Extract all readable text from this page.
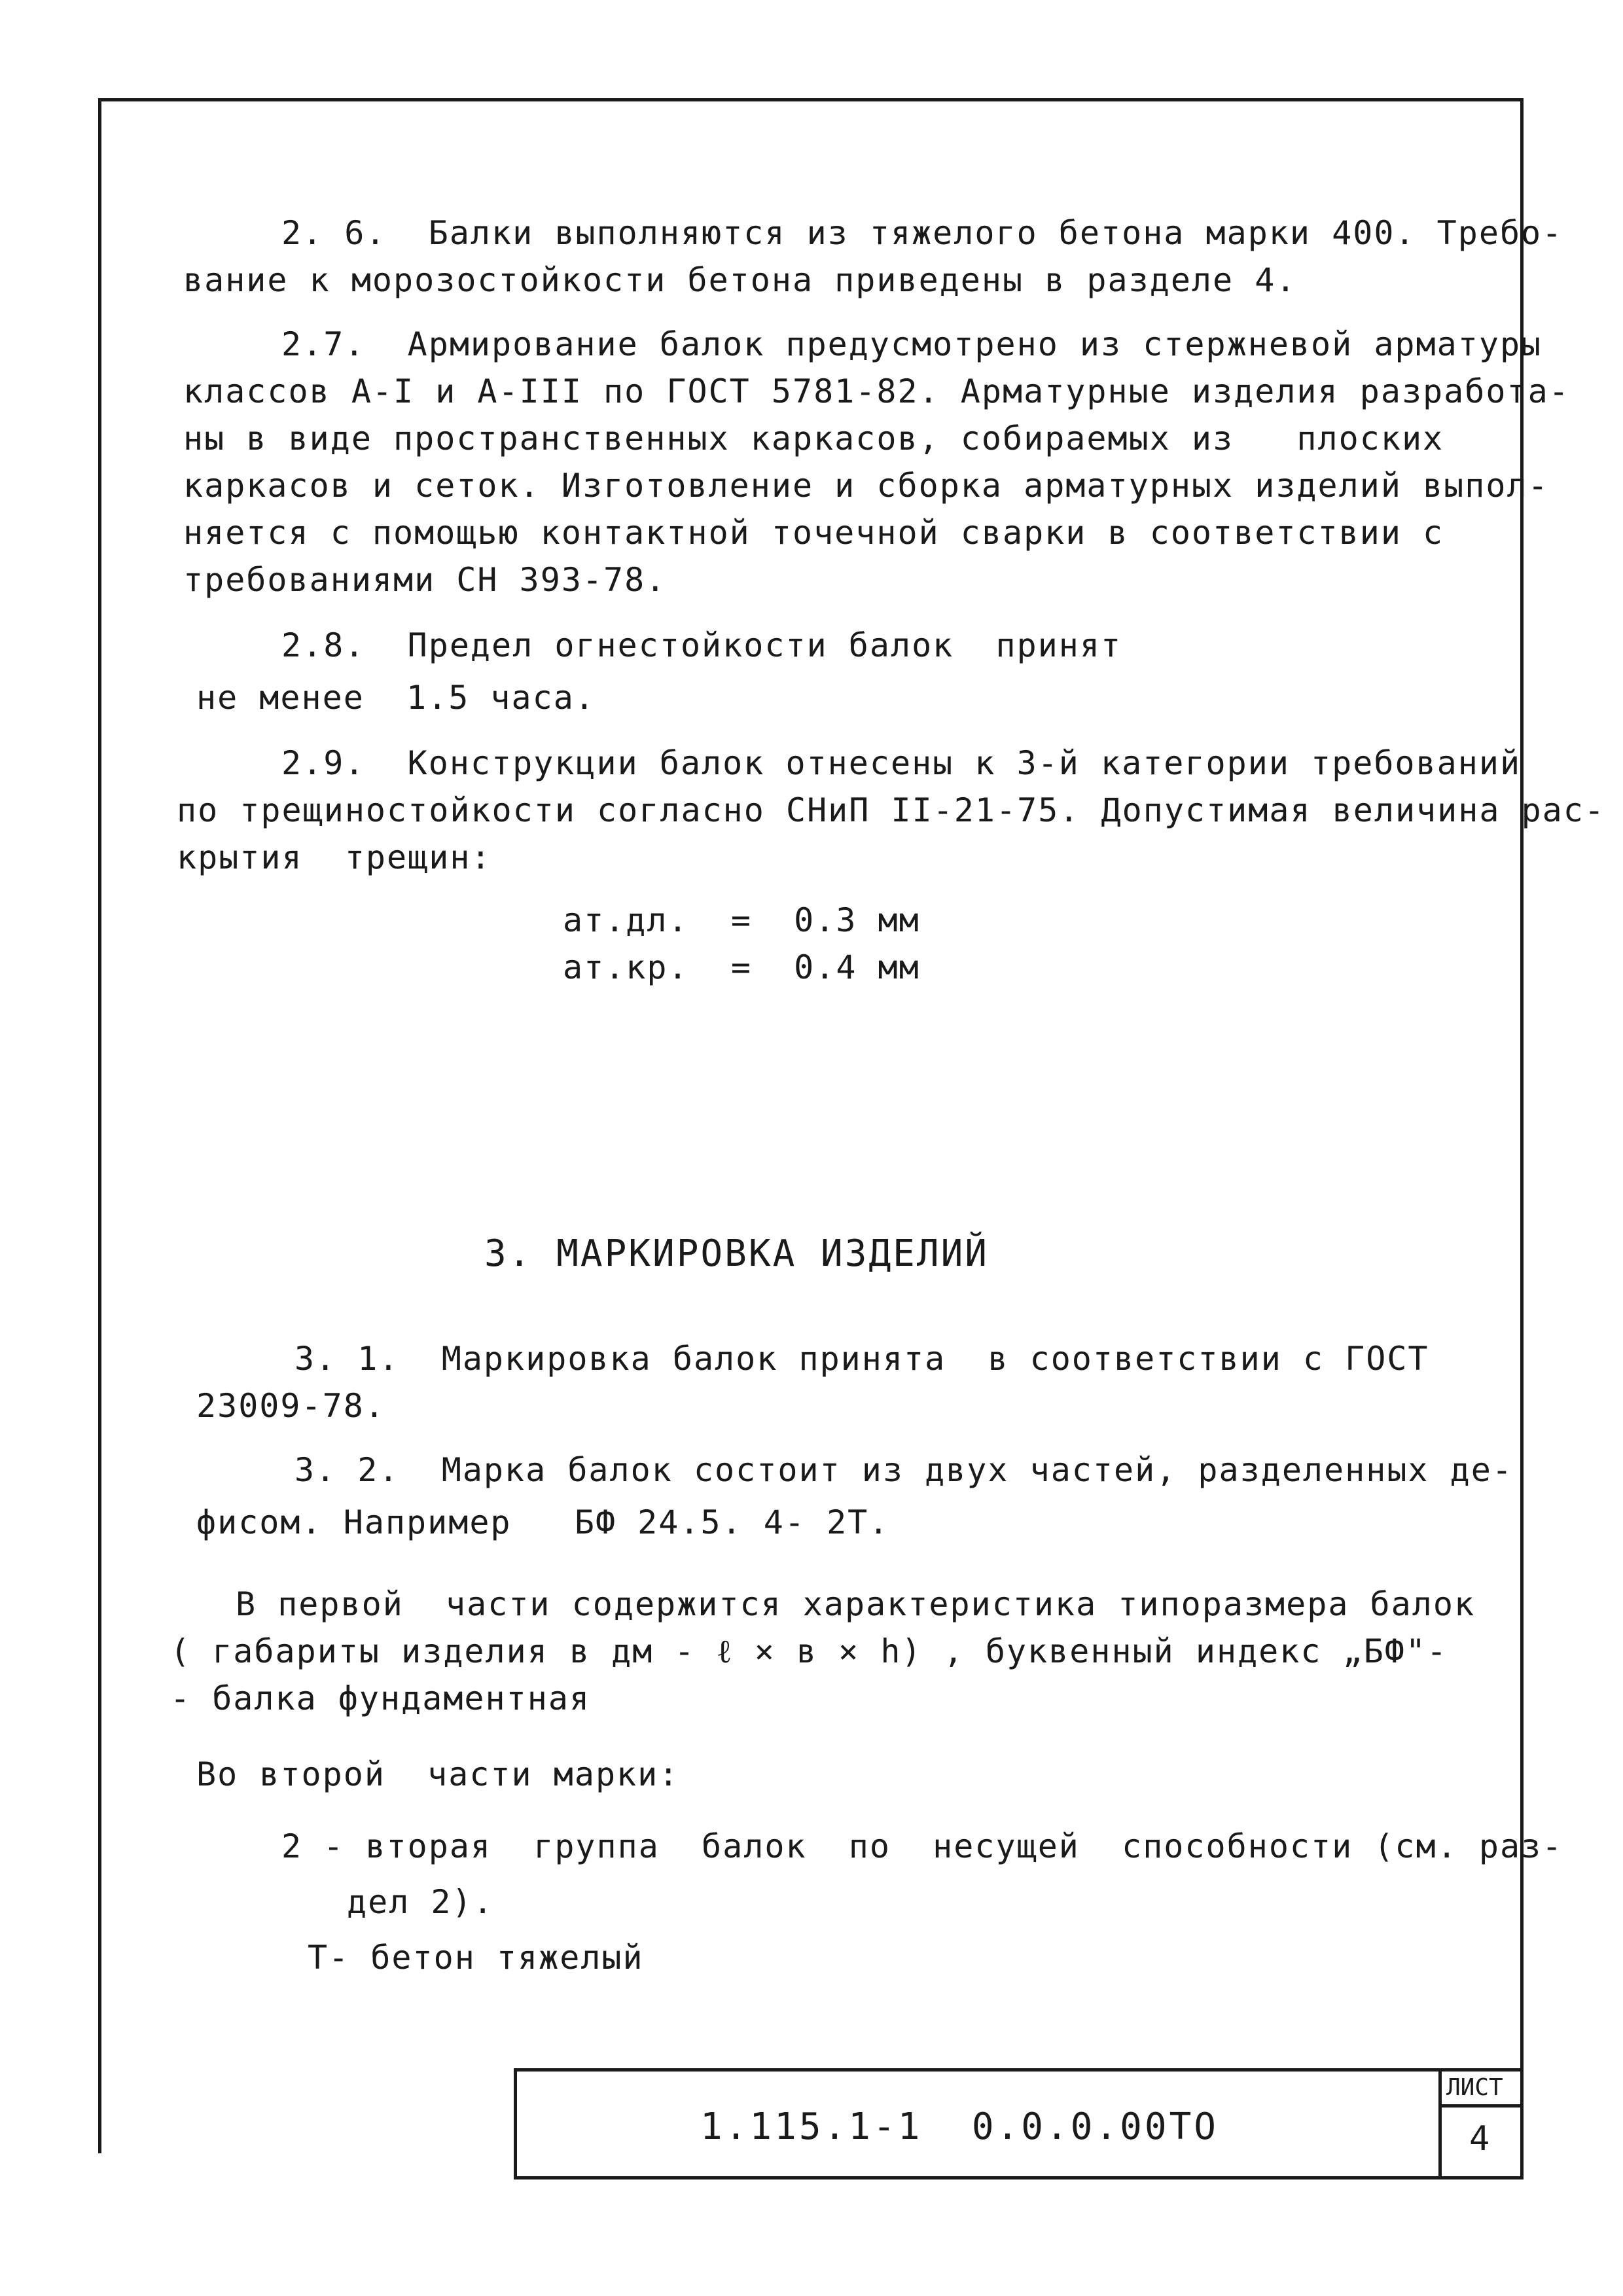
2. 6.  Балки выполняются из тяжелого бетона марки 400. Требо-
вание к морозостойкости бетона приведены в разделе 4.
2.7.  Армирование балок предусмотрено из стержневой арматуры
классов А-I и А-III по ГОСТ 5781-82. Арматурные изделия разработа-
ны в виде пространственных каркасов, собираемых из   плоских
каркасов и сеток. Изготовление и сборка арматурных изделий выпол-
няется с помощью контактной точечной сварки в соответствии с
требованиями СН 393-78.
2.8.  Предел огнестойкости балок  принят
не менее  1.5 часа.
2.9.  Конструкции балок отнесены к 3-й категории требований
по трещиностойкости согласно СНиП II-21-75. Допустимая величина рас-
крытия  трещин:
ат.дл.  =  0.3 мм
ат.кр.  =  0.4 мм
3. МАРКИРОВКА ИЗДЕЛИЙ
3. 1.  Маркировка балок принята  в соответствии с ГОСТ
23009-78.
3. 2.  Марка балок состоит из двух частей, разделенных де-
фисом. Например   БФ 24.5. 4- 2Т.
В первой  части содержится характеристика типоразмера балок
( габариты изделия в дм - ℓ × в × h) , буквенный индекс „БФ"-
- балка фундаментная
Во второй  части марки:
2 - вторая  группа  балок  по  несущей  способности (см. раз-
дел 2).
Т- бетон тяжелый
1.115.1-1  0.0.0.00ТО
ЛИСТ
4
